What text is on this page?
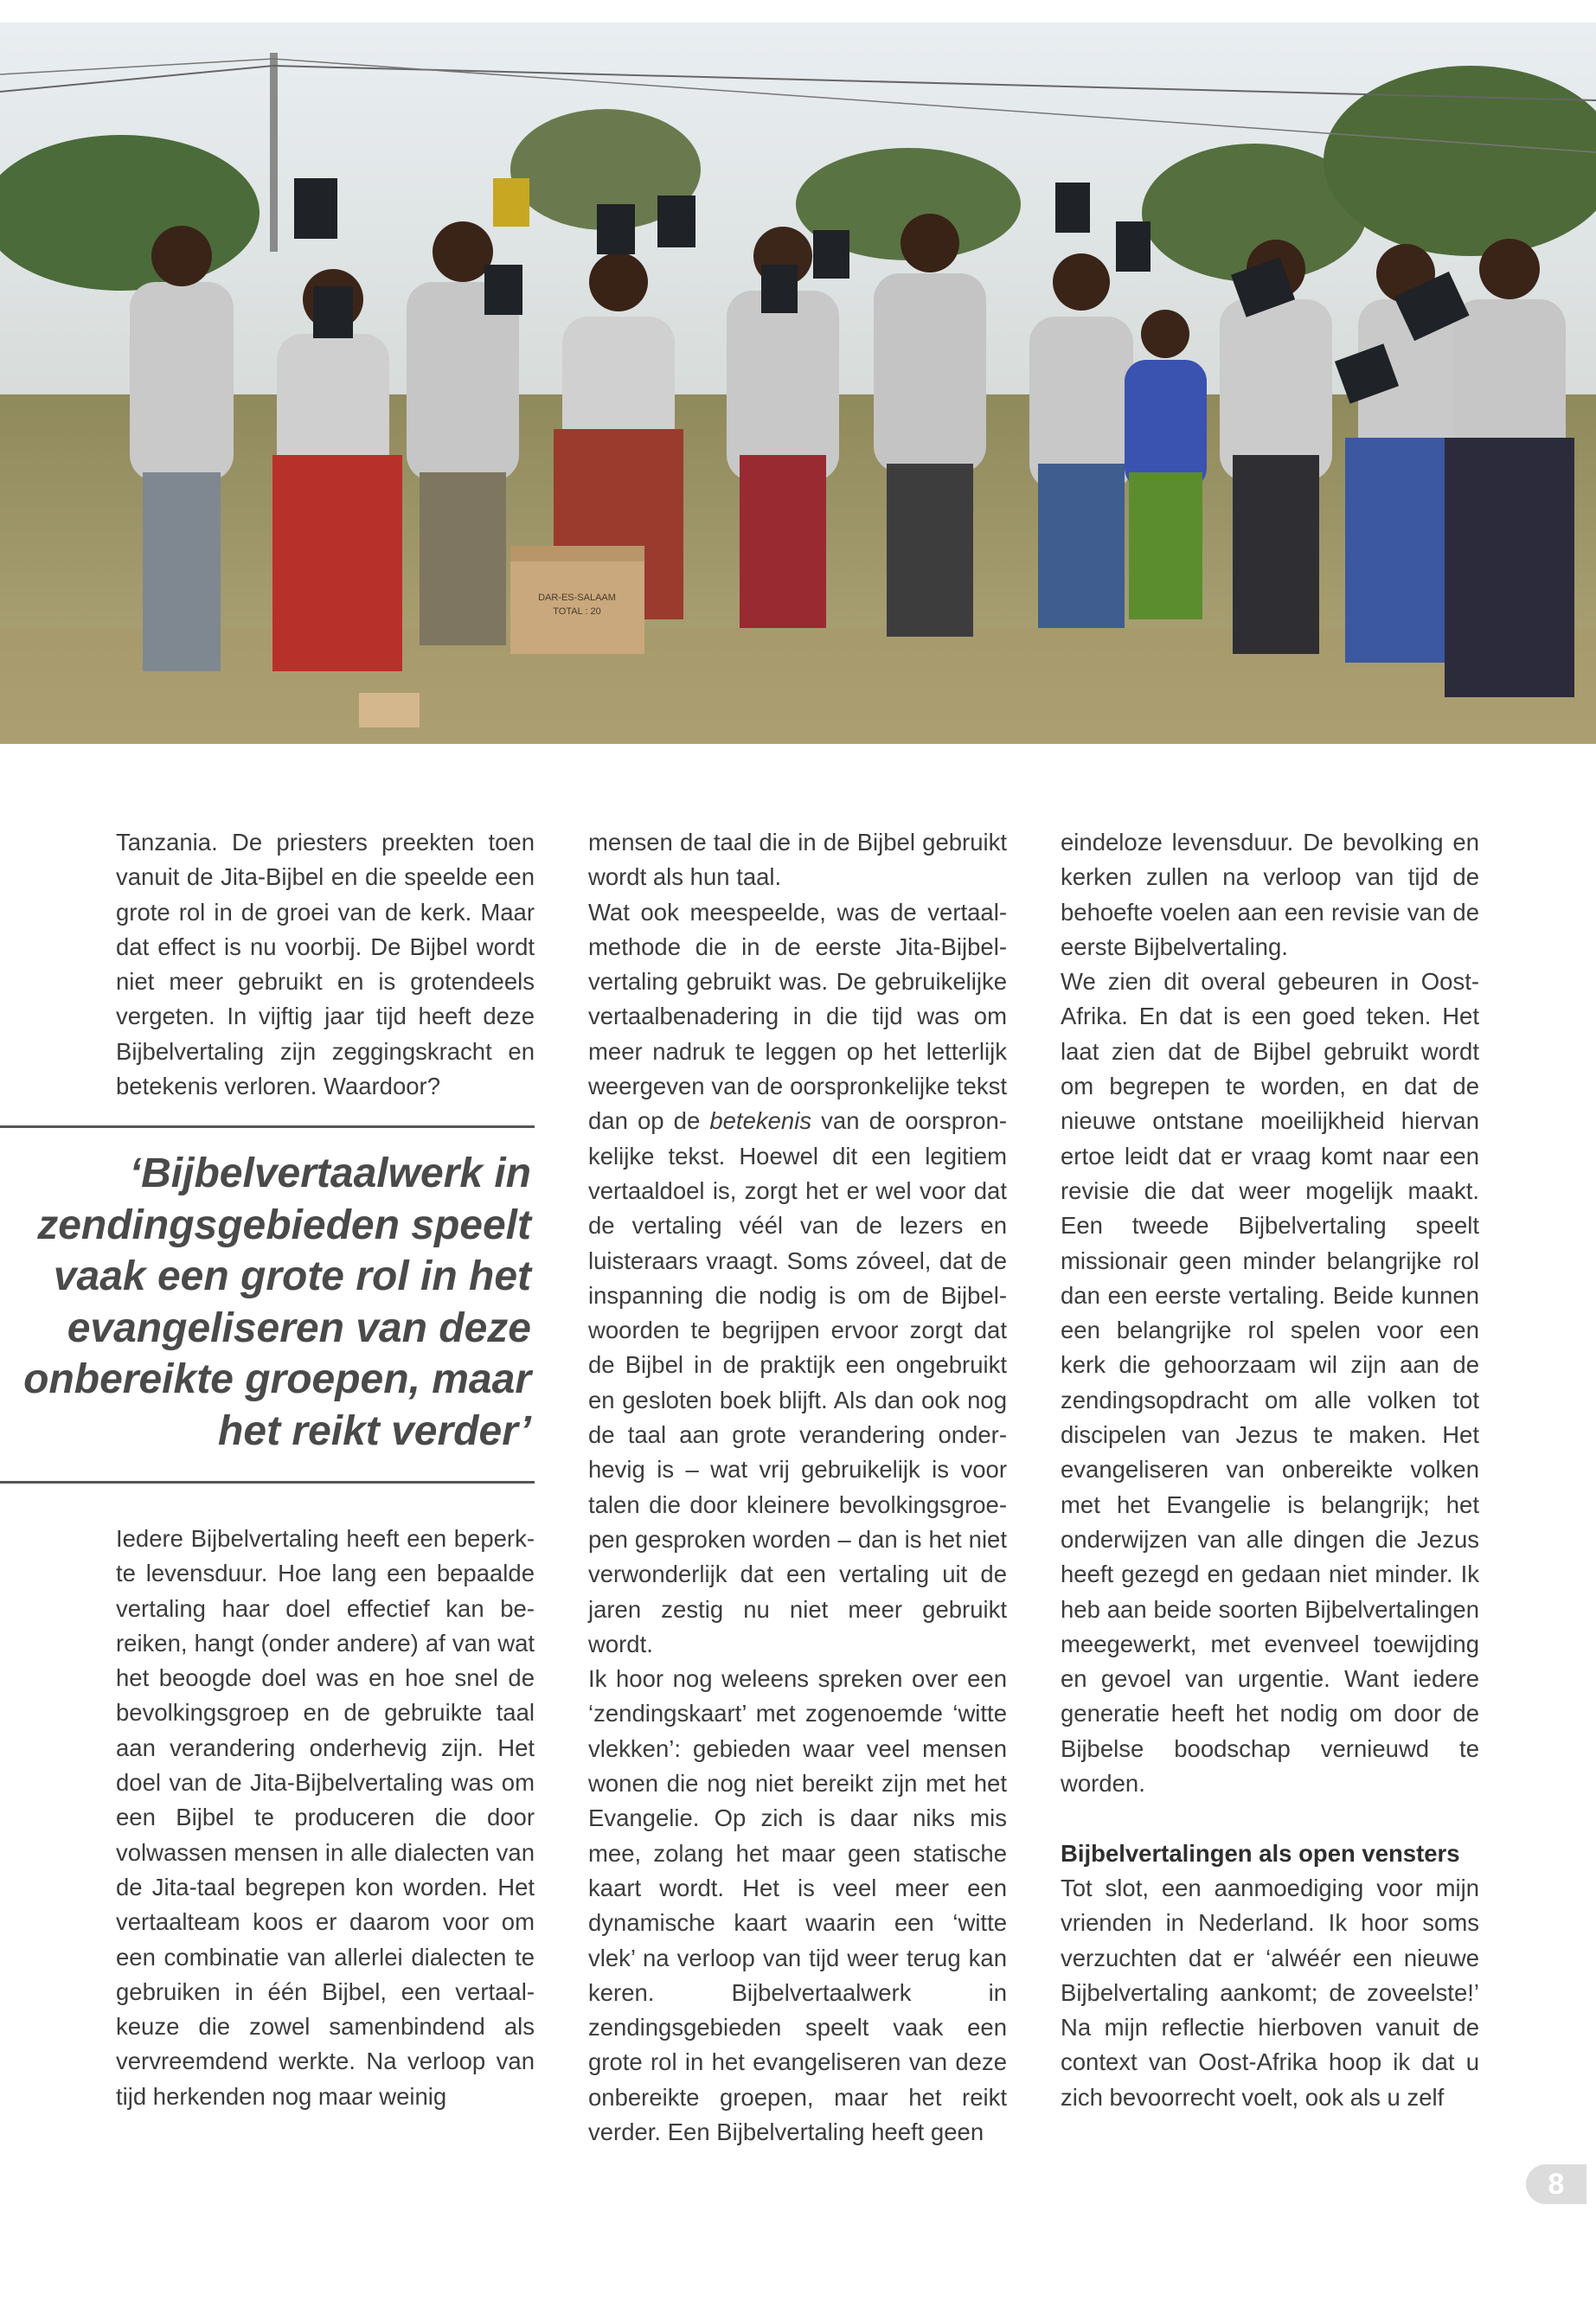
DAR-ES-SALAAM
TOTAL : 20

Tanzania. De priesters preekten toen vanuit de Jita-Bijbel en die speelde een grote rol in de groei van de kerk. Maar dat effect is nu voorbij. De Bijbel wordt niet meer gebruikt en is grotendeels vergeten. In vijftig jaar tijd heeft deze Bijbelvertaling zijn zeggingskracht en betekenis verloren. Waardoor?

‘Bijbelvertaalwerk in zendingsgebieden speelt vaak een grote rol in het evangeliseren van deze onbereikte groepen, maar het reikt verder’

Iedere Bijbelvertaling heeft een beperkte levensduur. Hoe lang een bepaalde vertaling haar doel effectief kan bereiken, hangt (onder andere) af van wat het beoogde doel was en hoe snel de bevolkingsgroep en de gebruikte taal aan verandering onderhevig zijn. Het doel van de Jita-Bijbelvertaling was om een Bijbel te produceren die door volwassen mensen in alle dialecten van de Jita-taal begrepen kon worden. Het vertaalteam koos er daarom voor om een combinatie van allerlei dialecten te gebruiken in één Bijbel, een vertaalkeuze die zowel samenbindend als vervreemdend werkte. Na verloop van tijd herkenden nog maar weinig

mensen de taal die in de Bijbel gebruikt wordt als hun taal.

Wat ook meespeelde, was de vertaalmethode die in de eerste Jita-Bijbelvertaling gebruikt was. De gebruikelijke vertaalbenadering in die tijd was om meer nadruk te leggen op het letterlijk weergeven van de oorspronkelijke tekst dan op de betekenis van de oorspronkelijke tekst. Hoewel dit een legitiem vertaaldoel is, zorgt het er wel voor dat de vertaling véél van de lezers en luisteraars vraagt. Soms zóveel, dat de inspanning die nodig is om de Bijbelwoorden te begrijpen ervoor zorgt dat de Bijbel in de praktijk een ongebruikt en gesloten boek blijft. Als dan ook nog de taal aan grote verandering onderhevig is – wat vrij gebruikelijk is voor talen die door kleinere bevolkingsgroepen gesproken worden – dan is het niet verwonderlijk dat een vertaling uit de jaren zestig nu niet meer gebruikt wordt.

Ik hoor nog weleens spreken over een ‘zendingskaart’ met zogenoemde ‘witte vlekken’: gebieden waar veel mensen wonen die nog niet bereikt zijn met het Evangelie. Op zich is daar niks mis mee, zolang het maar geen statische kaart wordt. Het is veel meer een dynamische kaart waarin een ‘witte vlek’ na verloop van tijd weer terug kan keren. Bijbelvertaalwerk in zendingsgebieden speelt vaak een grote rol in het evangeliseren van deze onbereikte groepen, maar het reikt verder. Een Bijbelvertaling heeft geen

eindeloze levensduur. De bevolking en kerken zullen na verloop van tijd de behoefte voelen aan een revisie van de eerste Bijbelvertaling.

We zien dit overal gebeuren in Oost-Afrika. En dat is een goed teken. Het laat zien dat de Bijbel gebruikt wordt om begrepen te worden, en dat de nieuwe ontstane moeilijkheid hiervan ertoe leidt dat er vraag komt naar een revisie die dat weer mogelijk maakt. Een tweede Bijbelvertaling speelt missionair geen minder belangrijke rol dan een eerste vertaling. Beide kunnen een belangrijke rol spelen voor een kerk die gehoorzaam wil zijn aan de zendingsopdracht om alle volken tot discipelen van Jezus te maken. Het evangeliseren van onbereikte volken met het Evangelie is belangrijk; het onderwijzen van alle dingen die Jezus heeft gezegd en gedaan niet minder. Ik heb aan beide soorten Bijbelvertalingen meegewerkt, met evenveel toewijding en gevoel van urgentie. Want iedere generatie heeft het nodig om door de Bijbelse boodschap vernieuwd te worden.

Bijbelvertalingen als open vensters

Tot slot, een aanmoediging voor mijn vrienden in Nederland. Ik hoor soms verzuchten dat er ‘alwéér een nieuwe Bijbelvertaling aankomt; de zoveelste!’ Na mijn reflectie hierboven vanuit de context van Oost-Afrika hoop ik dat u zich bevoorrecht voelt, ook als u zelf

8
